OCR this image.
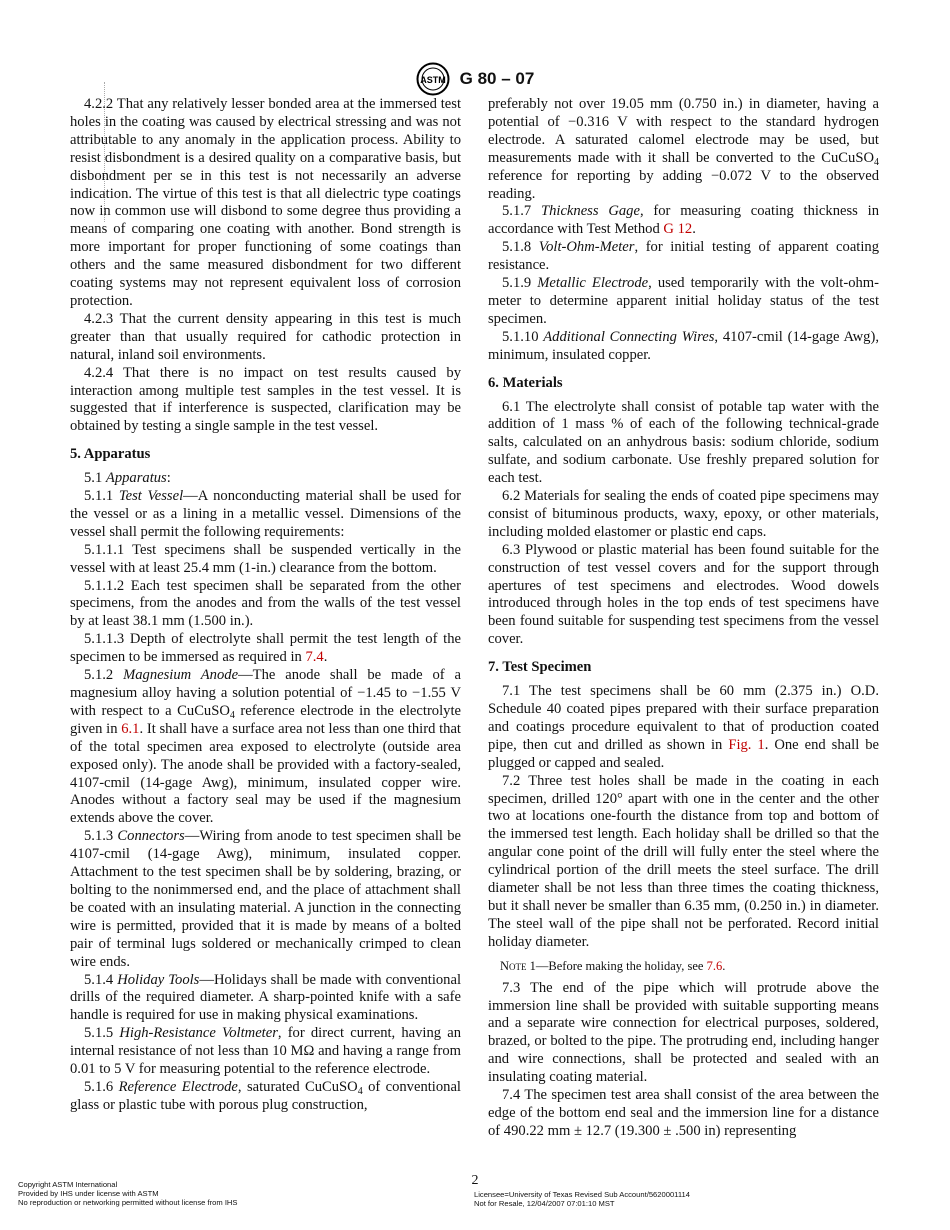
ASTM G 80 – 07

4.2.2 That any relatively lesser bonded area at the immersed test holes in the coating was caused by electrical stressing and was not attributable to any anomaly in the application process. Ability to resist disbondment is a desired quality on a comparative basis, but disbondment per se in this test is not necessarily an adverse indication. The virtue of this test is that all dielectric type coatings now in common use will disbond to some degree thus providing a means of comparing one coating with another. Bond strength is more important for proper functioning of some coatings than others and the same measured disbondment for two different coating systems may not represent equivalent loss of corrosion protection.

4.2.3 That the current density appearing in this test is much greater than that usually required for cathodic protection in natural, inland soil environments.

4.2.4 That there is no impact on test results caused by interaction among multiple test samples in the test vessel. It is suggested that if interference is suspected, clarification may be obtained by testing a single sample in the test vessel.

5. Apparatus

5.1 Apparatus:

5.1.1 Test Vessel—A nonconducting material shall be used for the vessel or as a lining in a metallic vessel. Dimensions of the vessel shall permit the following requirements:

5.1.1.1 Test specimens shall be suspended vertically in the vessel with at least 25.4 mm (1-in.) clearance from the bottom.

5.1.1.2 Each test specimen shall be separated from the other specimens, from the anodes and from the walls of the test vessel by at least 38.1 mm (1.500 in.).

5.1.1.3 Depth of electrolyte shall permit the test length of the specimen to be immersed as required in 7.4.

5.1.2 Magnesium Anode—The anode shall be made of a magnesium alloy having a solution potential of −1.45 to −1.55 V with respect to a CuCuSO$_4$ reference electrode in the electrolyte given in 6.1. It shall have a surface area not less than one third that of the total specimen area exposed to electrolyte (outside area exposed only). The anode shall be provided with a factory-sealed, 4107-cmil (14-gage Awg), minimum, insulated copper wire. Anodes without a factory seal may be used if the magnesium extends above the cover.

5.1.3 Connectors—Wiring from anode to test specimen shall be 4107-cmil (14-gage Awg), minimum, insulated copper. Attachment to the test specimen shall be by soldering, brazing, or bolting to the nonimmersed end, and the place of attachment shall be coated with an insulating material. A junction in the connecting wire is permitted, provided that it is made by means of a bolted pair of terminal lugs soldered or mechanically crimped to clean wire ends.

5.1.4 Holiday Tools—Holidays shall be made with conventional drills of the required diameter. A sharp-pointed knife with a safe handle is required for use in making physical examinations.

5.1.5 High-Resistance Voltmeter, for direct current, having an internal resistance of not less than 10 MΩ and having a range from 0.01 to 5 V for measuring potential to the reference electrode.

5.1.6 Reference Electrode, saturated CuCuSO$_4$ of conventional glass or plastic tube with porous plug construction,

preferably not over 19.05 mm (0.750 in.) in diameter, having a potential of −0.316 V with respect to the standard hydrogen electrode. A saturated calomel electrode may be used, but measurements made with it shall be converted to the CuCuSO$_4$ reference for reporting by adding −0.072 V to the observed reading.

5.1.7 Thickness Gage, for measuring coating thickness in accordance with Test Method G 12.

5.1.8 Volt-Ohm-Meter, for initial testing of apparent coating resistance.

5.1.9 Metallic Electrode, used temporarily with the volt-ohm-meter to determine apparent initial holiday status of the test specimen.

5.1.10 Additional Connecting Wires, 4107-cmil (14-gage Awg), minimum, insulated copper.

6. Materials

6.1 The electrolyte shall consist of potable tap water with the addition of 1 mass % of each of the following technical-grade salts, calculated on an anhydrous basis: sodium chloride, sodium sulfate, and sodium carbonate. Use freshly prepared solution for each test.

6.2 Materials for sealing the ends of coated pipe specimens may consist of bituminous products, waxy, epoxy, or other materials, including molded elastomer or plastic end caps.

6.3 Plywood or plastic material has been found suitable for the construction of test vessel covers and for the support through apertures of test specimens and electrodes. Wood dowels introduced through holes in the top ends of test specimens have been found suitable for suspending test specimens from the vessel cover.

7. Test Specimen

7.1 The test specimens shall be 60 mm (2.375 in.) O.D. Schedule 40 coated pipes prepared with their surface preparation and coatings procedure equivalent to that of production coated pipe, then cut and drilled as shown in Fig. 1. One end shall be plugged or capped and sealed.

7.2 Three test holes shall be made in the coating in each specimen, drilled 120° apart with one in the center and the other two at locations one-fourth the distance from top and bottom of the immersed test length. Each holiday shall be drilled so that the angular cone point of the drill will fully enter the steel where the cylindrical portion of the drill meets the steel surface. The drill diameter shall be not less than three times the coating thickness, but it shall never be smaller than 6.35 mm, (0.250 in.) in diameter. The steel wall of the pipe shall not be perforated. Record initial holiday diameter.

Note 1—Before making the holiday, see 7.6.

7.3 The end of the pipe which will protrude above the immersion line shall be provided with suitable supporting means and a separate wire connection for electrical purposes, soldered, brazed, or bolted to the pipe. The protruding end, including hanger and wire connections, shall be protected and sealed with an insulating coating material.

7.4 The specimen test area shall consist of the area between the edge of the bottom end seal and the immersion line for a distance of 490.22 mm ± 12.7 (19.300 ± .500 in) representing

2
Copyright ASTM International
Provided by IHS under license with ASTM
No reproduction or networking permitted without license from IHS
Licensee=University of Texas Revised Sub Account/5620001114
Not for Resale, 12/04/2007 07:01:10 MST
